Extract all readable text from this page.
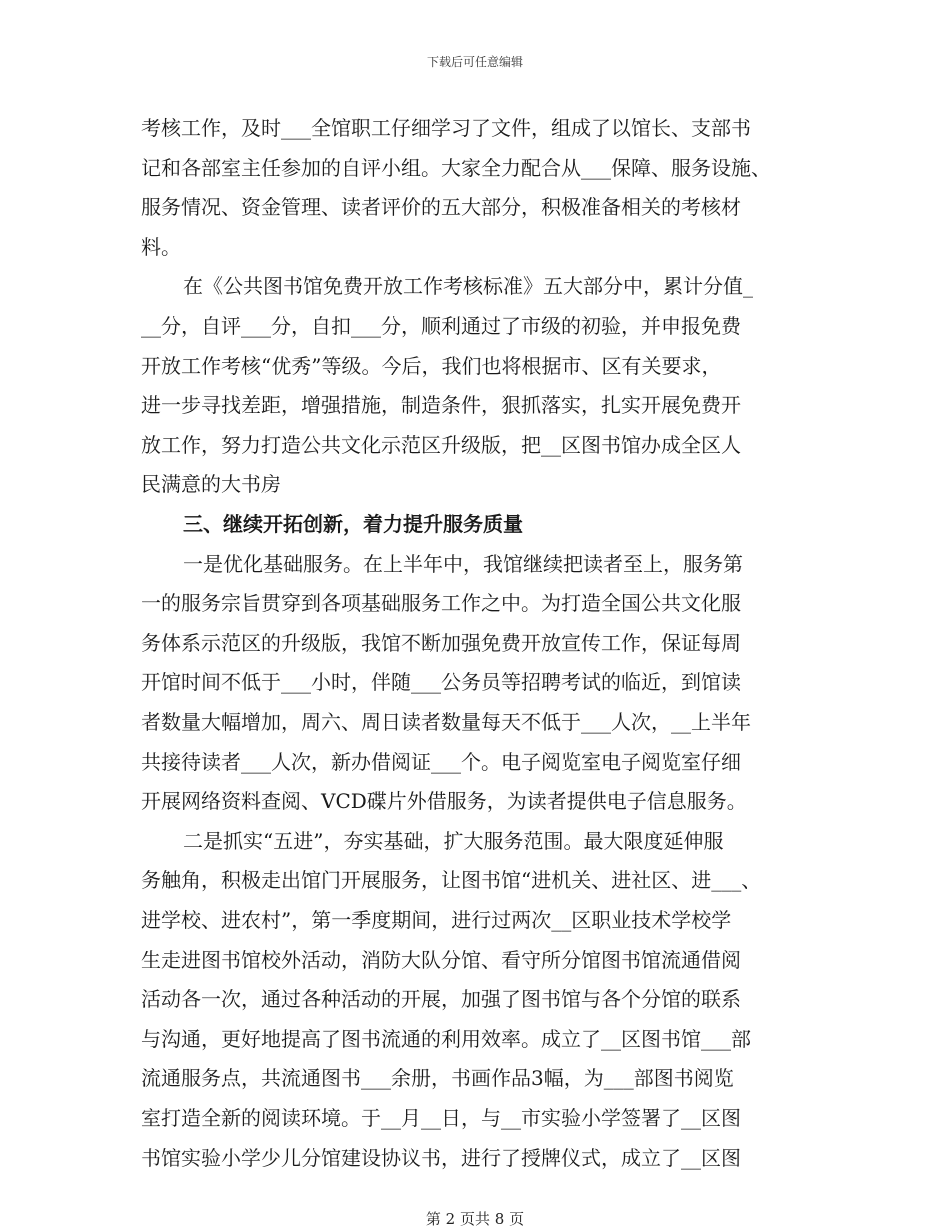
下载后可任意编辑
考核工作，及时___全馆职工仔细学习了文件，组成了以馆长、支部书
记和各部室主任参加的自评小组。大家全力配合从___保障、服务设施、
服务情况、资金管理、读者评价的五大部分，积极准备相关的考核材
料。
在《公共图书馆免费开放工作考核标准》五大部分中，累计分值_
__分，自评___分，自扣___分，顺利通过了市级的初验，并申报免费
开放工作考核“优秀”等级。今后，我们也将根据市、区有关要求，
进一步寻找差距，增强措施，制造条件，狠抓落实，扎实开展免费开
放工作，努力打造公共文化示范区升级版，把__区图书馆办成全区人
民满意的大书房
三、继续开拓创新，着力提升服务质量
一是优化基础服务。在上半年中，我馆继续把读者至上，服务第
一的服务宗旨贯穿到各项基础服务工作之中。为打造全国公共文化服
务体系示范区的升级版，我馆不断加强免费开放宣传工作，保证每周
开馆时间不低于___小时，伴随___公务员等招聘考试的临近，到馆读
者数量大幅增加，周六、周日读者数量每天不低于___人次，__上半年
共接待读者___人次，新办借阅证___个。电子阅览室电子阅览室仔细
开展网络资料查阅、VCD碟片外借服务，为读者提供电子信息服务。
二是抓实“五进”，夯实基础，扩大服务范围。最大限度延伸服
务触角，积极走出馆门开展服务，让图书馆“进机关、进社区、进___、
进学校、进农村”，第一季度期间，进行过两次__区职业技术学校学
生走进图书馆校外活动，消防大队分馆、看守所分馆图书馆流通借阅
活动各一次，通过各种活动的开展，加强了图书馆与各个分馆的联系
与沟通，更好地提高了图书流通的利用效率。成立了__区图书馆___部
流通服务点，共流通图书___余册，书画作品3幅，为___部图书阅览
室打造全新的阅读环境。于__月__日，与__市实验小学签署了__区图
书馆实验小学少儿分馆建设协议书，进行了授牌仪式，成立了__区图
第 2 页共 8 页
